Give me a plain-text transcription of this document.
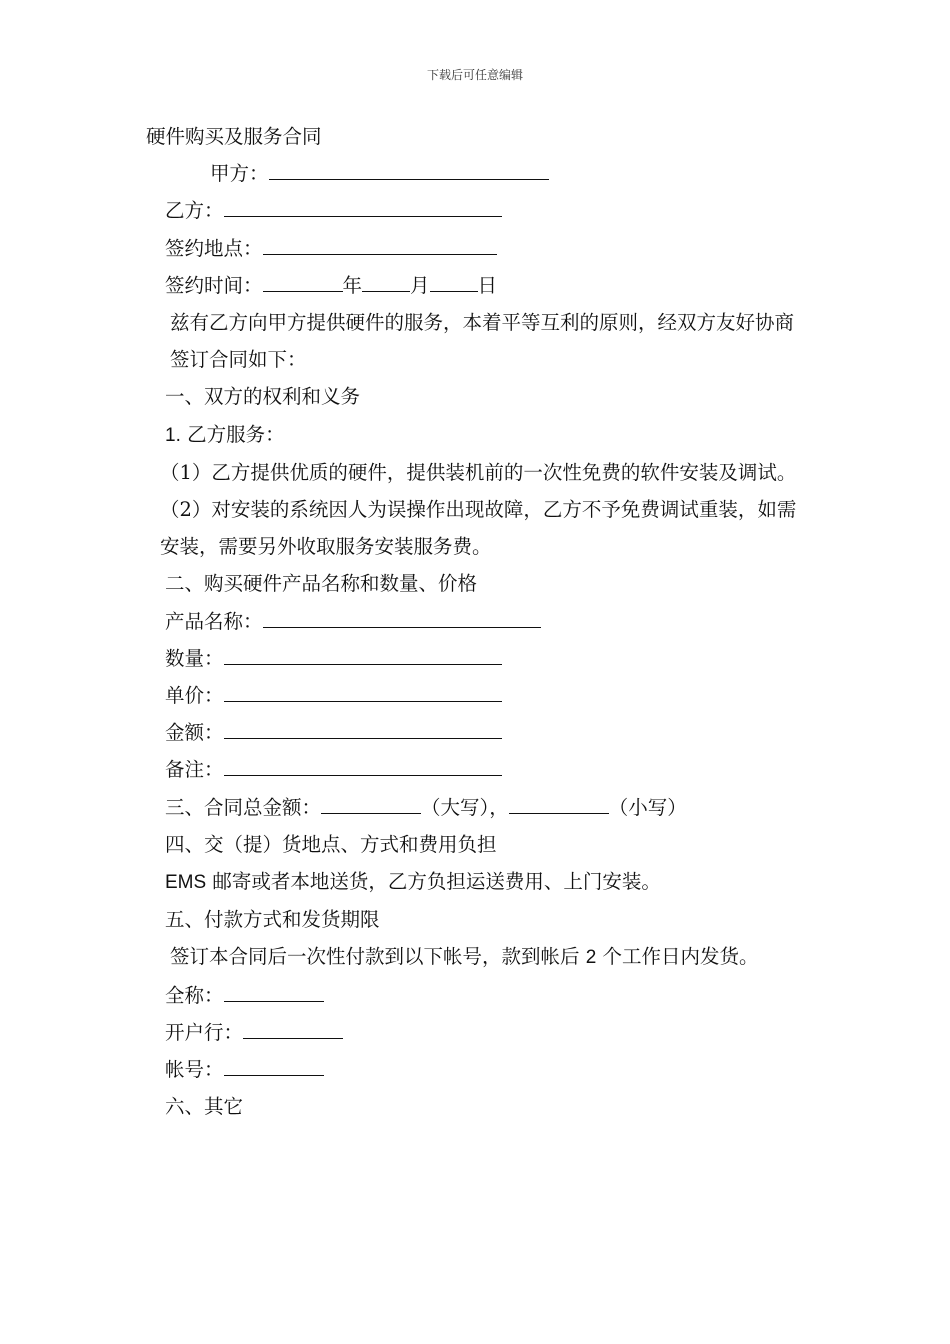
下载后可任意编辑

硬件购买及服务合同

甲方：

乙方：

签约地点：

签约时间：	年 月 日

兹有乙方向甲方提供硬件的服务，本着平等互利的原则，经双方友好协商签订合同如下：

一、双方的权利和义务

1. 乙方服务：

（1）乙方提供优质的硬件，提供装机前的一次性免费的软件安装及调试。

（2）对安装的系统因人为误操作出现故障，乙方不予免费调试重装，如需安装，需要另外收取服务安装服务费。

二、购买硬件产品名称和数量、价格

产品名称：

数量：

单价：

金额：

备注：

三、合同总金额：	（大写），	（小写）

四、交（提）货地点、方式和费用负担

EMS 邮寄或者本地送货，乙方负担运送费用、上门安装。

五、付款方式和发货期限

签订本合同后一次性付款到以下帐号，款到帐后 2 个工作日内发货。

全称：

开户行：

帐号：

六、其它
